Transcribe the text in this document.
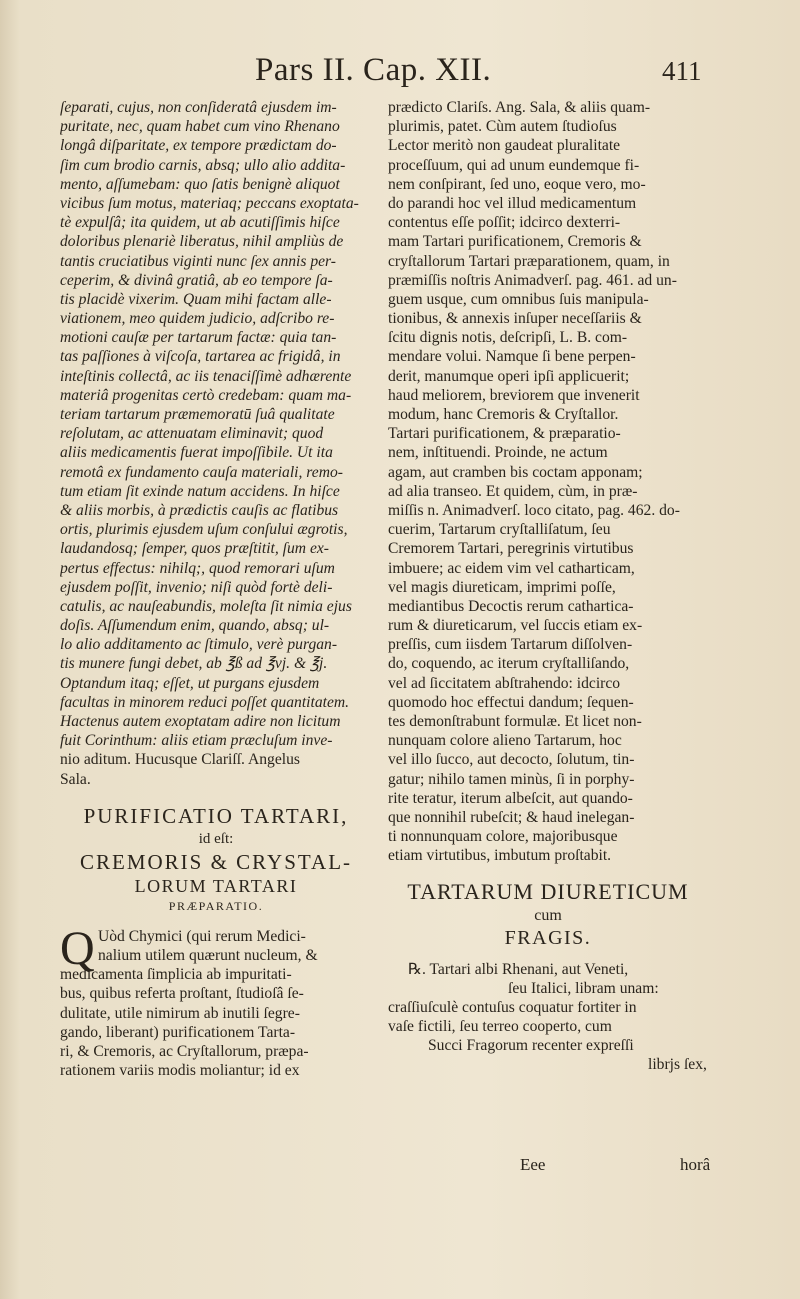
Pars II. Cap. XII.	411
ſeparati, cujus, non conſideratâ ejusdem im-
puritate, nec, quam habet cum vino Rhenano
longâ diſparitate, ex tempore prædictam do-
ſim cum brodio carnis, absq; ullo alio addita-
mento, aſſumebam: quo ſatis benignè aliquot
vicibus ſum motus, materiaq; peccans exoptata-
tè expulſâ; ita quidem, ut ab acutiſſimis hiſce
doloribus plenariè liberatus, nihil ampliùs de
tantis cruciatibus viginti nunc ſex annis per-
ceperim, & divinâ gratiâ, ab eo tempore ſa-
tis placidè vixerim. Quam mihi factam alle-
viationem, meo quidem judicio, adſcribo re-
motioni cauſæ per tartarum factæ: quia tan-
tas paſſiones à viſcoſa, tartarea ac frigidâ, in
inteſtinis collectâ, ac iis tenaciſſimè adhærente
materiâ progenitas certò credebam: quam ma-
teriam tartarum præmemoratū ſuâ qualitate
reſolutam, ac attenuatam eliminavit; quod
aliis medicamentis fuerat impoſſibile. Ut ita
remotâ ex fundamento cauſa materiali, remo-
tum etiam ſit exinde natum accidens. In hiſce
& aliis morbis, à prædictis cauſis ac flatibus
ortis, plurimis ejusdem uſum conſului ægrotis,
laudandosq; ſemper, quos præſtitit, ſum ex-
pertus effectus: nihilq;, quod remorari uſum
ejusdem poſſit, invenio; niſi quòd fortè deli-
catulis, ac nauſeabundis, moleſta ſit nimia ejus
doſis. Aſſumendum enim, quando, absq; ul-
lo alio additamento ac ſtimulo, verè purgan-
tis munere fungi debet, ab ℥ß ad ℥vj. & ℥j.
Optandum itaq; eſſet, ut purgans ejusdem
facultas in minorem reduci poſſet quantitatem.
Hactenus autem exoptatam adire non licitum
fuit Corinthum: aliis etiam præcluſum inve-
nio aditum. Hucusque Clariſſ. Angelus
Sala.
PURIFICATIO TARTARI,
id eſt:
CREMORIS & CRYSTAL-
LORUM TARTARI
PRÆPARATIO.
Q Uòd Chymici (qui rerum Medici-
nalium utilem quærunt nucleum, &
medicamenta ſimplicia ab impuritati-
bus, quibus referta proſtant, ſtudioſâ ſe-
dulitate, utile nimirum ab inutili ſegre-
gando, liberant) purificationem Tarta-
ri, & Cremoris, ac Cryſtallorum, præpa-
rationem variis modis moliantur; id ex
prædicto Clariſs. Ang. Sala, & aliis quam-
plurimis, patet. Cùm autem ſtudioſus
Lector meritò non gaudeat pluralitate
proceſſuum, qui ad unum eundemque fi-
nem conſpirant, ſed uno, eoque vero, mo-
do parandi hoc vel illud medicamentum
contentus eſſe poſſit; idcirco dexterri-
mam Tartari purificationem, Cremoris &
cryſtallorum Tartari præparationem, quam, in
præmiſſis noſtris Animadverſ. pag. 461. ad un-
guem usque, cum omnibus ſuis manipula-
tionibus, & annexis inſuper neceſſariis &
ſcitu dignis notis, deſcripſi, L. B. com-
mendare volui. Namque ſi bene perpen-
derit, manumque operi ipſi applicuerit;
haud meliorem, breviorem que invenerit
modum, hanc Cremoris & Cryſtallor.
Tartari purificationem, & præparatio-
nem, inſtituendi. Proinde, ne actum
agam, aut cramben bis coctam apponam;
ad alia transeo. Et quidem, cùm, in præ-
miſſis n. Animadverſ. loco citato, pag. 462. do-
cuerim, Tartarum cryſtalliſatum, ſeu
Cremorem Tartari, peregrinis virtutibus
imbuere; ac eidem vim vel catharticam,
vel magis diureticam, imprimi poſſe,
mediantibus Decoctis rerum cathartica-
rum & diureticarum, vel ſuccis etiam ex-
preſſis, cum iisdem Tartarum diſſolven-
do, coquendo, ac iterum cryſtalliſando,
vel ad ſiccitatem abſtrahendo: idcirco
quomodo hoc effectui dandum; ſequen-
tes demonſtrabunt formulæ. Et licet non-
nunquam colore alieno Tartarum, hoc
vel illo ſucco, aut decocto, ſolutum, tin-
gatur; nihilo tamen minùs, ſi in porphy-
rite teratur, iterum albeſcit, aut quando-
que nonnihil rubeſcit; & haud inelegan-
ti nonnunquam colore, majoribusque
etiam virtutibus, imbutum proſtabit.
TARTARUM DIURETICUM
cum
FRAGIS.
℞. Tartari albi Rhenani, aut Veneti,
ſeu Italici, libram unam:
craſſiuſculè contuſus coquatur fortiter in
vaſe fictili, ſeu terreo cooperto, cum
Succi Fragorum recenter expreſſi
librjs ſex,
Eee	horâ
